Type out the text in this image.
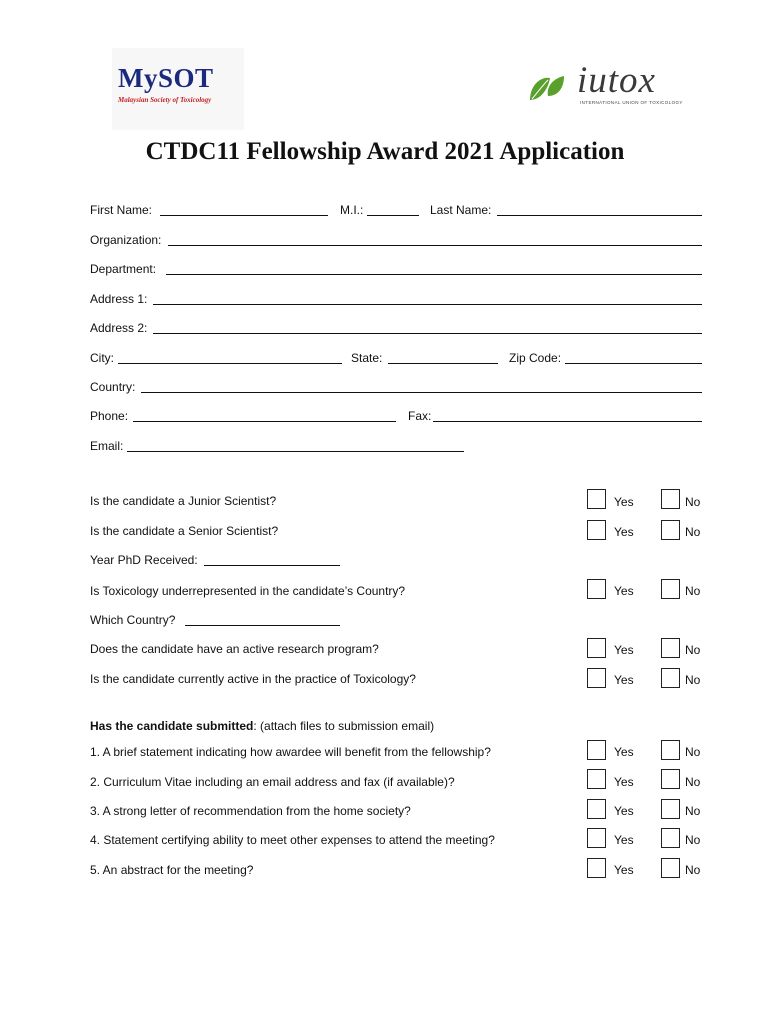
MySOT
Malaysian Society of Toxicology	iutox
INTERNATIONAL UNION OF TOXICOLOGY
CTDC11 Fellowship Award 2021 Application
First Name:	M.I.:	Last Name:
Organization:
Department:
Address 1:
Address 2:
City:	State:	Zip Code:
Country:
Phone:	Fax:
Email:
Is the candidate a Junior Scientist?	Yes	No
Is the candidate a Senior Scientist?	Yes	No
Year PhD Received:
Is Toxicology underrepresented in the candidate’s Country?	Yes	No
Which Country?
Does the candidate have an active research program?	Yes	No
Is the candidate currently active in the practice of Toxicology?	Yes	No
Has the candidate submitted: (attach files to submission email)
1. A brief statement indicating how awardee will benefit from the fellowship?	Yes	No
2. Curriculum Vitae including an email address and fax (if available)?	Yes	No
3. A strong letter of recommendation from the home society?	Yes	No
4. Statement certifying ability to meet other expenses to attend the meeting?	Yes	No
5. An abstract for the meeting?	Yes	No
